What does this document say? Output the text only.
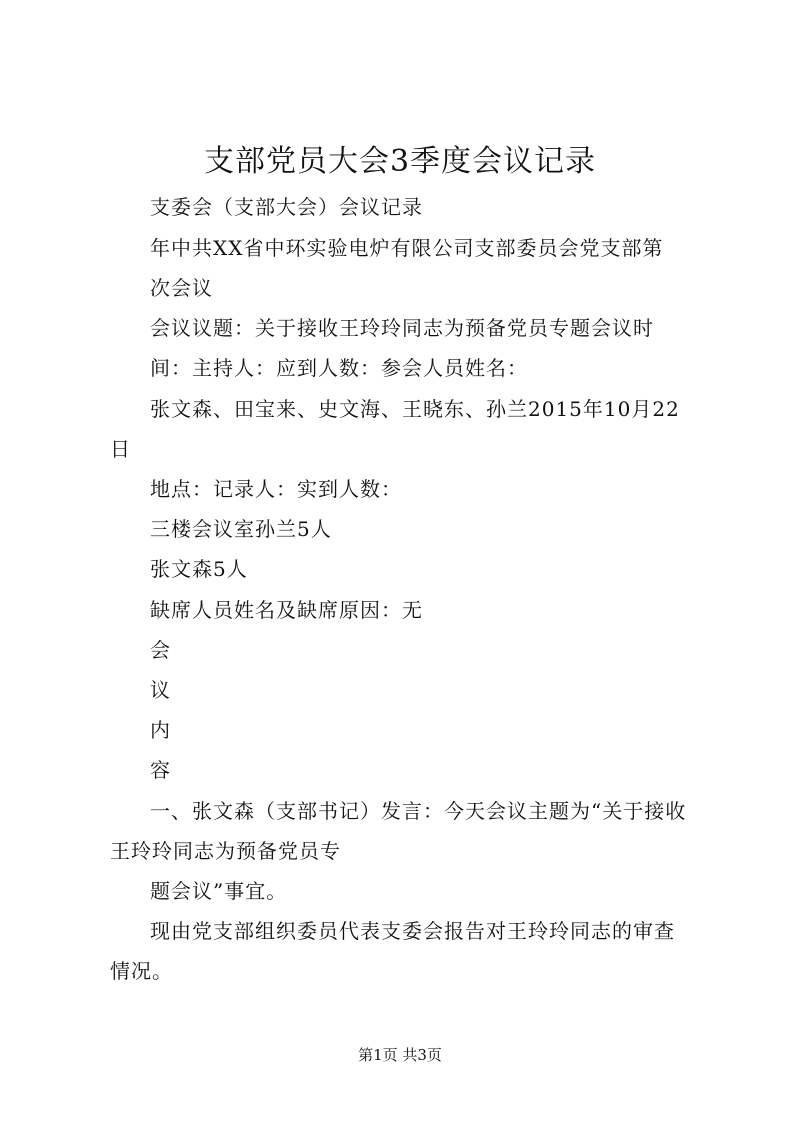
支部党员大会3季度会议记录
支委会（支部大会）会议记录
年中共XX省中环实验电炉有限公司支部委员会党支部第
次会议
会议议题：关于接收王玲玲同志为预备党员专题会议时
间：主持人：应到人数：参会人员姓名：
张文森、田宝来、史文海、王晓东、孙兰2015年10月22
日
地点：记录人：实到人数：
三楼会议室孙兰5人
张文森5人
缺席人员姓名及缺席原因：无
会
议
内
容
一、张文森（支部书记）发言：今天会议主题为“关于接收
王玲玲同志为预备党员专
题会议”事宜。
现由党支部组织委员代表支委会报告对王玲玲同志的审查
情况。
第1页 共3页
